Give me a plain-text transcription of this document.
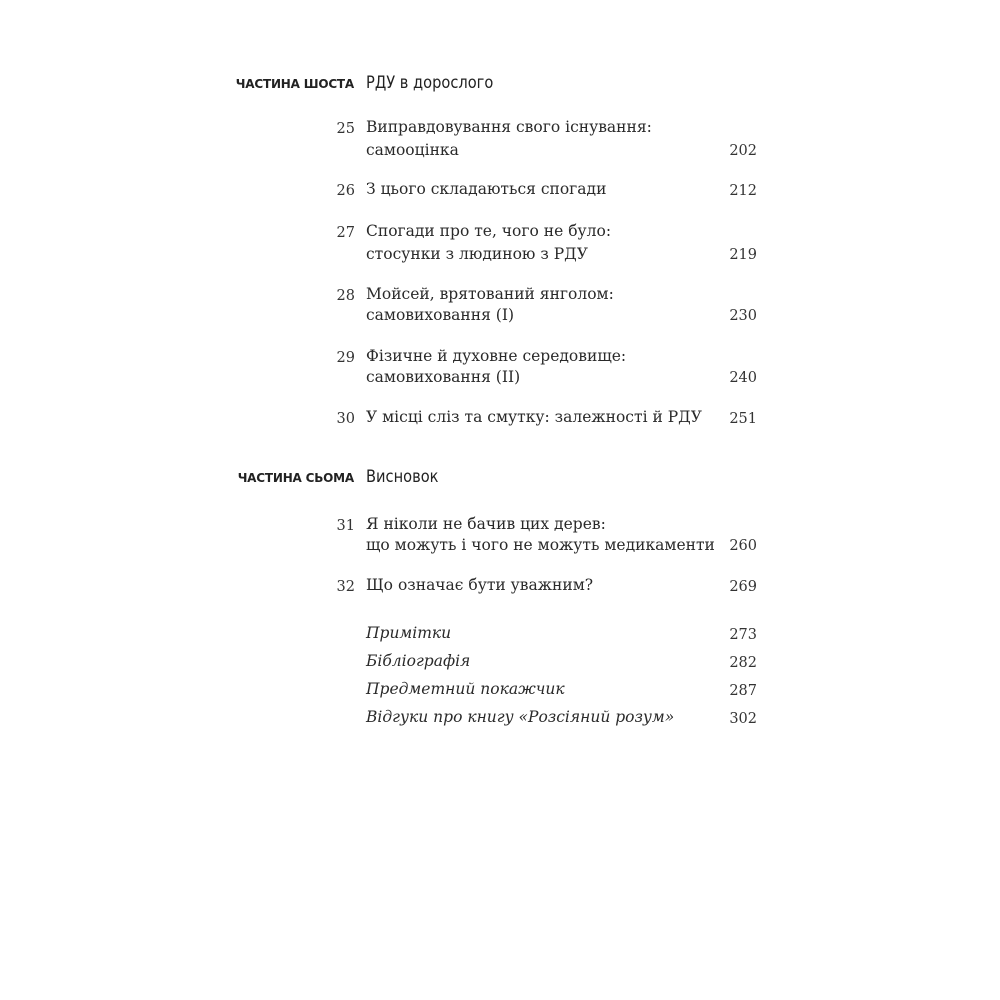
ЧАСТИНА ШОСТА РДУ в дорослого
25 Виправдовування свого існування:
самооцінка	202
26 З цього складаються спогади	212
27 Спогади про те, чого не було:
стосунки з людиною з РДУ	219
28 Мойсей, врятований янголом:
самовиховання (I)	230
29 Фізичне й духовне середовище:
самовиховання (II)	240
30 У місці сліз та смутку: залежності й РДУ 251
ЧАСТИНА СЬОМА Висновок
31 Я ніколи не бачив цих дерев:
що можуть і чого не можуть медикаменти 260
32 Що означає бути уважним?	269
Примітки	273
Бібліографія	282
Предметний покажчик	287
Відгуки про книгу «Розсіяний розум»	302
